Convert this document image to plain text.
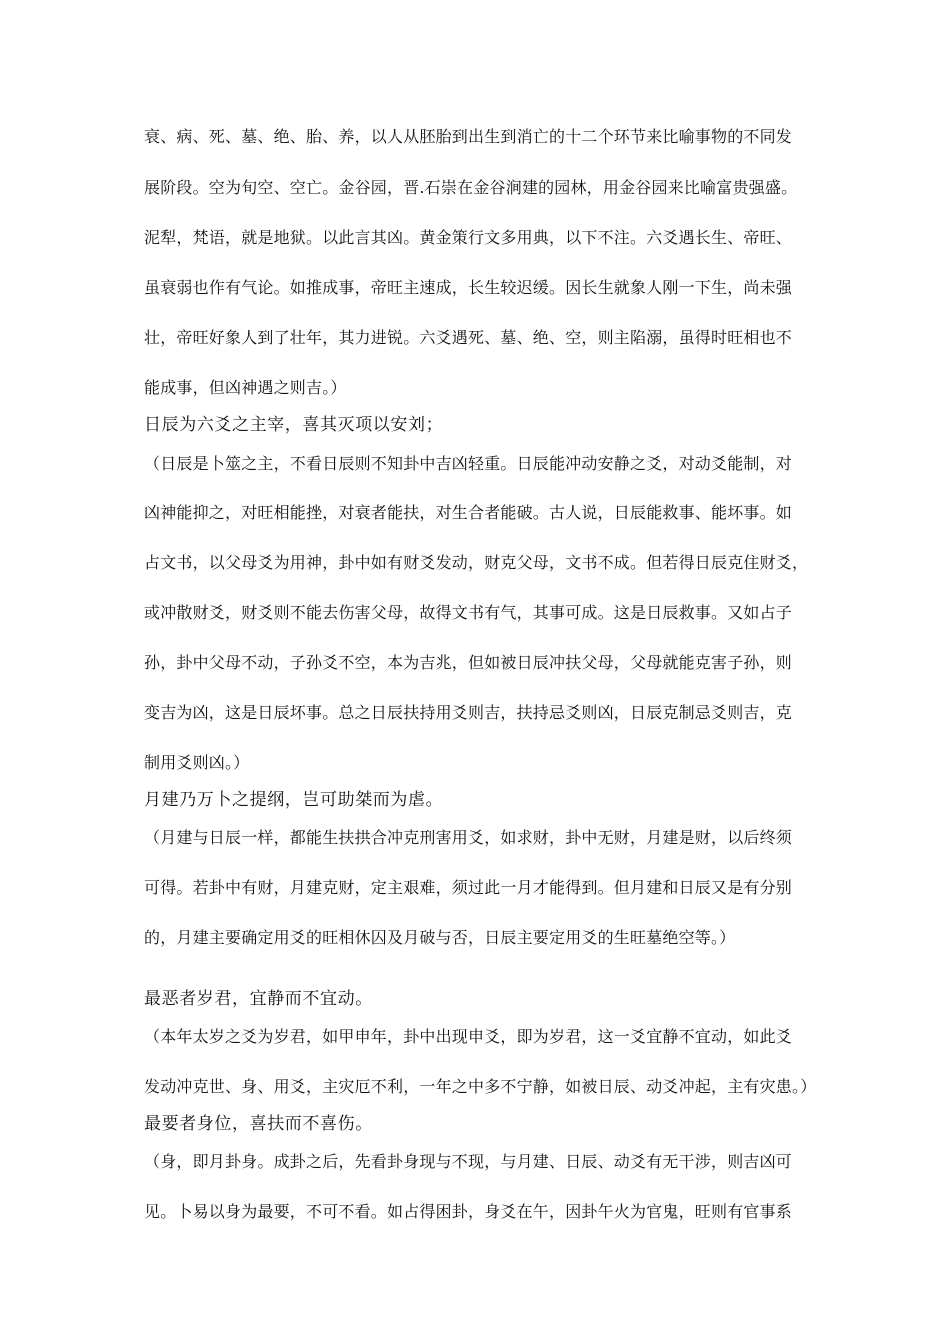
衰、病、死、墓、绝、胎、养，以人从胚胎到出生到消亡的十二个环节来比喻事物的不同发
展阶段。空为旬空、空亡。金谷园，晋.石崇在金谷涧建的园林，用金谷园来比喻富贵强盛。
泥犁，梵语，就是地狱。以此言其凶。黄金策行文多用典，以下不注。六爻遇长生、帝旺、
虽衰弱也作有气论。如推成事，帝旺主速成，长生较迟缓。因长生就象人刚一下生，尚未强
壮，帝旺好象人到了壮年，其力进锐。六爻遇死、墓、绝、空，则主陷溺，虽得时旺相也不
能成事，但凶神遇之则吉。）
日辰为六爻之主宰，喜其灭项以安刘；
（日辰是卜筮之主，不看日辰则不知卦中吉凶轻重。日辰能冲动安静之爻，对动爻能制，对
凶神能抑之，对旺相能挫，对衰者能扶，对生合者能破。古人说，日辰能救事、能坏事。如
占文书，以父母爻为用神，卦中如有财爻发动，财克父母，文书不成。但若得日辰克住财爻，
或冲散财爻，财爻则不能去伤害父母，故得文书有气，其事可成。这是日辰救事。又如占子
孙，卦中父母不动，子孙爻不空，本为吉兆，但如被日辰冲扶父母，父母就能克害子孙，则
变吉为凶，这是日辰坏事。总之日辰扶持用爻则吉，扶持忌爻则凶，日辰克制忌爻则吉，克
制用爻则凶。）
月建乃万卜之提纲，岂可助桀而为虐。
（月建与日辰一样，都能生扶拱合冲克刑害用爻，如求财，卦中无财，月建是财，以后终须
可得。若卦中有财，月建克财，定主艰难，须过此一月才能得到。但月建和日辰又是有分别
的，月建主要确定用爻的旺相休囚及月破与否，日辰主要定用爻的生旺墓绝空等。）
最恶者岁君，宜静而不宜动。
（本年太岁之爻为岁君，如甲申年，卦中出现申爻，即为岁君，这一爻宜静不宜动，如此爻
发动冲克世、身、用爻，主灾厄不利，一年之中多不宁静，如被日辰、动爻冲起，主有灾患。）
最要者身位，喜扶而不喜伤。
（身，即月卦身。成卦之后，先看卦身现与不现，与月建、日辰、动爻有无干涉，则吉凶可
见。卜易以身为最要，不可不看。如占得困卦，身爻在午，因卦午火为官鬼，旺则有官事系
